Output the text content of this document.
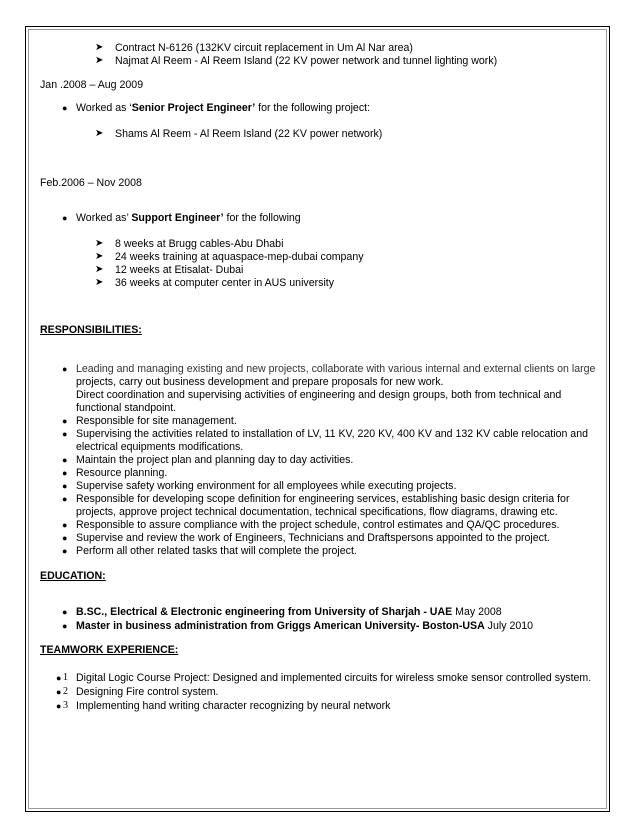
➤ Contract N-6126 (132KV circuit replacement in Um Al Nar area)
➤ Najmat Al Reem - Al Reem Island (22 KV power network and tunnel lighting work)
Jan .2008 – Aug 2009
● Worked as ‘Senior Project Engineer’ for the following project:
➤ Shams Al Reem - Al Reem Island (22 KV power network)
Feb.2006 – Nov 2008
● Worked as’ Support Engineer’ for the following
➤ 8 weeks at Brugg cables-Abu Dhabi
➤ 24 weeks training at aquaspace-mep-dubai company
➤ 12 weeks at Etisalat- Dubai
➤ 36 weeks at computer center in AUS university
RESPONSIBILITIES:
● Leading and managing existing and new projects, collaborate with various internal and external clients on large
projects, carry out business development and prepare proposals for new work.
Direct coordination and supervising activities of engineering and design groups, both from technical and
functional standpoint.
● Responsible for site management.
● Supervising the activities related to installation of LV, 11 KV, 220 KV, 400 KV and 132 KV cable relocation and
electrical equipments modifications.
● Maintain the project plan and planning day to day activities.
● Resource planning.
● Supervise safety working environment for all employees while executing projects.
● Responsible for developing scope definition for engineering services, establishing basic design criteria for
projects, approve project technical documentation, technical specifications, flow diagrams, drawing etc.
● Responsible to assure compliance with the project schedule, control estimates and QA/QC procedures.
● Supervise and review the work of Engineers, Technicians and Draftspersons appointed to the project.
● Perform all other related tasks that will complete the project.
EDUCATION:
● B.SC., Electrical & Electronic engineering from University of Sharjah - UAE May 2008
● Master in business administration from Griggs American University- Boston-USA July 2010
TEAMWORK EXPERIENCE:
● 1 Digital Logic Course Project: Designed and implemented circuits for wireless smoke sensor controlled system.
● 2 Designing Fire control system.
● 3 Implementing hand writing character recognizing by neural network
